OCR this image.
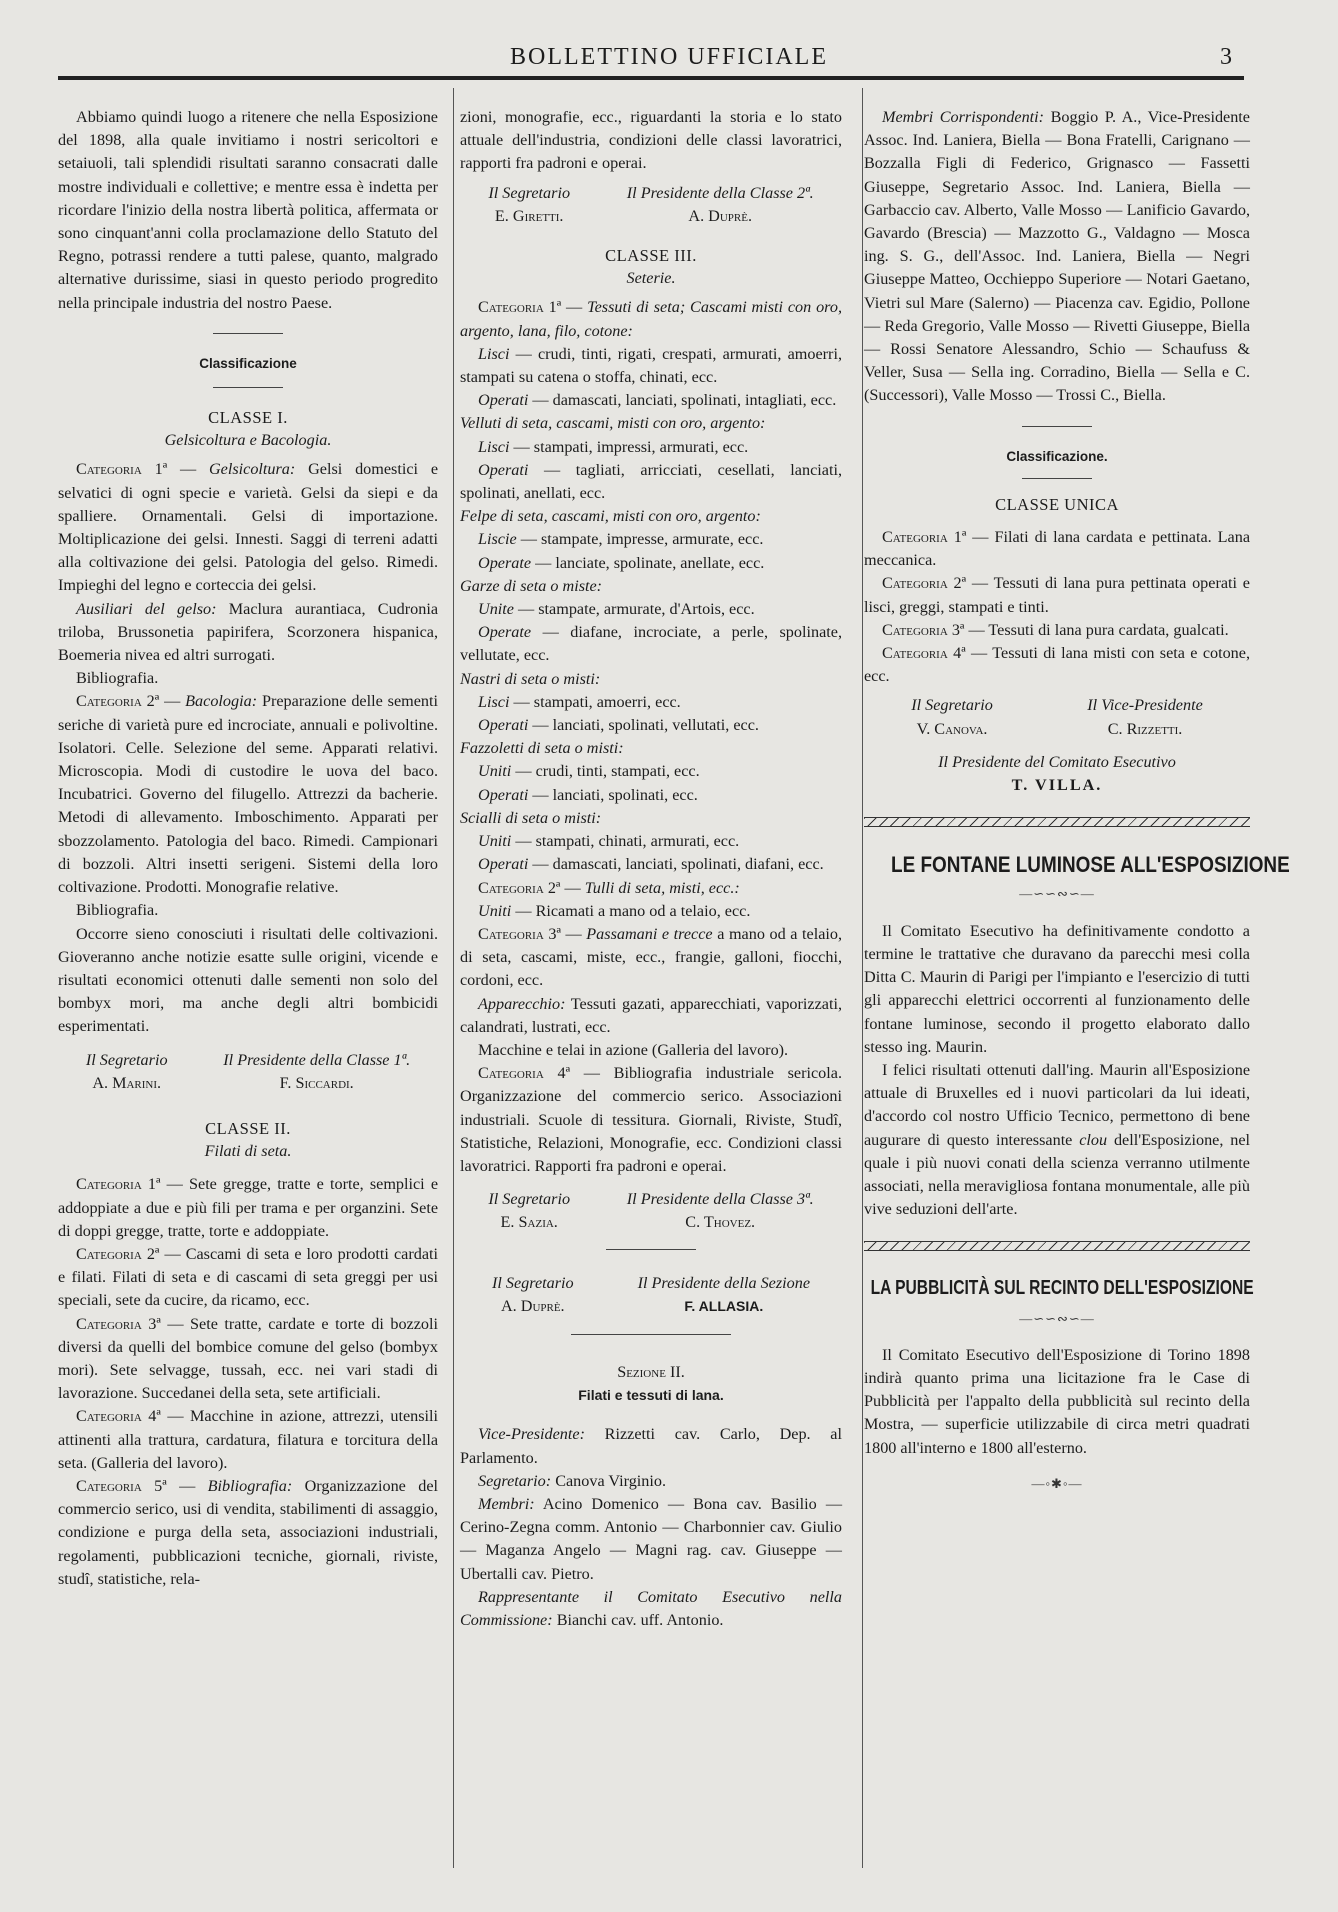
BOLLETTINO UFFICIALE	3

Abbiamo quindi luogo a ritenere che nella Esposizione del 1898, alla quale invitiamo i nostri sericoltori e setaiuoli, tali splendidi risultati saranno consacrati dalle mostre individuali e collettive; e mentre essa è indetta per ricordare l'inizio della nostra libertà politica, affermata or sono cinquant'anni colla proclamazione dello Statuto del Regno, potrassi rendere a tutti palese, quanto, malgrado alternative durissime, siasi in questo periodo progredito nella principale industria del nostro Paese.

Classificazione
CLASSE I.
Gelsicoltura e Bacologia.

Categoria 1ª — Gelsicoltura: Gelsi domestici e selvatici di ogni specie e varietà. Gelsi da siepi e da spalliere. Ornamentali. Gelsi di importazione. Moltiplicazione dei gelsi. Innesti. Saggi di terreni adatti alla coltivazione dei gelsi. Patologia del gelso. Rimedi. Impieghi del legno e corteccia dei gelsi.

Ausiliari del gelso: Maclura aurantiaca, Cudronia triloba, Brussonetia papirifera, Scorzonera hispanica, Boemeria nivea ed altri surrogati.

Bibliografia.

Categoria 2ª — Bacologia: Preparazione delle sementi seriche di varietà pure ed incrociate, annuali e polivoltine. Isolatori. Celle. Selezione del seme. Apparati relativi. Microscopia. Modi di custodire le uova del baco. Incubatrici. Governo del filugello. Attrezzi da bacherie. Metodi di allevamento. Imboschimento. Apparati per sbozzolamento. Patologia del baco. Rimedi. Campionari di bozzoli. Altri insetti serigeni. Sistemi della loro coltivazione. Prodotti. Monografie relative.

Bibliografia.

Occorre sieno conosciuti i risultati delle coltivazioni. Gioveranno anche notizie esatte sulle origini, vicende e risultati economici ottenuti dalle sementi non solo del bombyx mori, ma anche degli altri bombicidi esperimentati.

Il Segretario
A. Marini.
Il Presidente della Classe 1ª.
F. Siccardi.
CLASSE II.
Filati di seta.

Categoria 1ª — Sete gregge, tratte e torte, semplici e addoppiate a due e più fili per trama e per organzini. Sete di doppi gregge, tratte, torte e addoppiate.

Categoria 2ª — Cascami di seta e loro prodotti cardati e filati. Filati di seta e di cascami di seta greggi per usi speciali, sete da cucire, da ricamo, ecc.

Categoria 3ª — Sete tratte, cardate e torte di bozzoli diversi da quelli del bombice comune del gelso (bombyx mori). Sete selvagge, tussah, ecc. nei vari stadi di lavorazione. Succedanei della seta, sete artificiali.

Categoria 4ª — Macchine in azione, attrezzi, utensili attinenti alla trattura, cardatura, filatura e torcitura della seta. (Galleria del lavoro).

Categoria 5ª — Bibliografia: Organizzazione del commercio serico, usi di vendita, stabilimenti di assaggio, condizione e purga della seta, associazioni industriali, regolamenti, pubblicazioni tecniche, giornali, riviste, studî, statistiche, rela-

zioni, monografie, ecc., riguardanti la storia e lo stato attuale dell'industria, condizioni delle classi lavoratrici, rapporti fra padroni e operai.

Il Segretario
E. Giretti.
Il Presidente della Classe 2ª.
A. Duprè.
CLASSE III.
Seterie.

Categoria 1ª — Tessuti di seta; Cascami misti con oro, argento, lana, filo, cotone:

Lisci — crudi, tinti, rigati, crespati, armurati, amoerri, stampati su catena o stoffa, chinati, ecc.

Operati — damascati, lanciati, spolinati, intagliati, ecc.

Velluti di seta, cascami, misti con oro, argento:

Lisci — stampati, impressi, armurati, ecc.

Operati — tagliati, arricciati, cesellati, lanciati, spolinati, anellati, ecc.

Felpe di seta, cascami, misti con oro, argento:

Liscie — stampate, impresse, armurate, ecc.

Operate — lanciate, spolinate, anellate, ecc.

Garze di seta o miste:

Unite — stampate, armurate, d'Artois, ecc.

Operate — diafane, incrociate, a perle, spolinate, vellutate, ecc.

Nastri di seta o misti:

Lisci — stampati, amoerri, ecc.

Operati — lanciati, spolinati, vellutati, ecc.

Fazzoletti di seta o misti:

Uniti — crudi, tinti, stampati, ecc.

Operati — lanciati, spolinati, ecc.

Scialli di seta o misti:

Uniti — stampati, chinati, armurati, ecc.

Operati — damascati, lanciati, spolinati, diafani, ecc.

Categoria 2ª — Tulli di seta, misti, ecc.:

Uniti — Ricamati a mano od a telaio, ecc.

Categoria 3ª — Passamani e trecce a mano od a telaio, di seta, cascami, miste, ecc., frangie, galloni, fiocchi, cordoni, ecc.

Apparecchio: Tessuti gazati, apparecchiati, vaporizzati, calandrati, lustrati, ecc.

Macchine e telai in azione (Galleria del lavoro).

Categoria 4ª — Bibliografia industriale sericola. Organizzazione del commercio serico. Associazioni industriali. Scuole di tessitura. Giornali, Riviste, Studî, Statistiche, Relazioni, Monografie, ecc. Condizioni classi lavoratrici. Rapporti fra padroni e operai.

Il Segretario
E. Sazia.
Il Presidente della Classe 3ª.
C. Thovez.
Il Segretario
A. Duprè.
Il Presidente della Sezione
F. ALLASIA.
Sezione II.
Filati e tessuti di lana.

Vice-Presidente: Rizzetti cav. Carlo, Dep. al Parlamento.

Segretario: Canova Virginio.

Membri: Acino Domenico — Bona cav. Basilio — Cerino-Zegna comm. Antonio — Charbonnier cav. Giulio — Maganza Angelo — Magni rag. cav. Giuseppe — Ubertalli cav. Pietro.

Rappresentante il Comitato Esecutivo nella Commissione: Bianchi cav. uff. Antonio.

Membri Corrispondenti: Boggio P. A., Vice-Presidente Assoc. Ind. Laniera, Biella — Bona Fratelli, Carignano — Bozzalla Figli di Federico, Grignasco — Fassetti Giuseppe, Segretario Assoc. Ind. Laniera, Biella — Garbaccio cav. Alberto, Valle Mosso — Lanificio Gavardo, Gavardo (Brescia) — Mazzotto G., Valdagno — Mosca ing. S. G., dell'Assoc. Ind. Laniera, Biella — Negri Giuseppe Matteo, Occhieppo Superiore — Notari Gaetano, Vietri sul Mare (Salerno) — Piacenza cav. Egidio, Pollone — Reda Gregorio, Valle Mosso — Rivetti Giuseppe, Biella — Rossi Senatore Alessandro, Schio — Schaufuss & Veller, Susa — Sella ing. Corradino, Biella — Sella e C. (Successori), Valle Mosso — Trossi C., Biella.

Classificazione.
CLASSE UNICA

Categoria 1ª — Filati di lana cardata e pettinata. Lana meccanica.

Categoria 2ª — Tessuti di lana pura pettinata operati e lisci, greggi, stampati e tinti.

Categoria 3ª — Tessuti di lana pura cardata, gualcati.

Categoria 4ª — Tessuti di lana misti con seta e cotone, ecc.

Il Segretario
V. Canova.
Il Vice-Presidente
C. Rizzetti.
Il Presidente del Comitato Esecutivo
T. VILLA.
LE FONTANE LUMINOSE ALL'ESPOSIZIONE
—∽∽∾∽—

Il Comitato Esecutivo ha definitivamente condotto a termine le trattative che duravano da parecchi mesi colla Ditta C. Maurin di Parigi per l'impianto e l'esercizio di tutti gli apparecchi elettrici occorrenti al funzionamento delle fontane luminose, secondo il progetto elaborato dallo stesso ing. Maurin.

I felici risultati ottenuti dall'ing. Maurin all'Esposizione attuale di Bruxelles ed i nuovi particolari da lui ideati, d'accordo col nostro Ufficio Tecnico, permettono di bene augurare di questo interessante clou dell'Esposizione, nel quale i più nuovi conati della scienza verranno utilmente associati, nella meravigliosa fontana monumentale, alle più vive seduzioni dell'arte.

LA PUBBLICITÀ SUL RECINTO DELL'ESPOSIZIONE
—∽∽∾∽—

Il Comitato Esecutivo dell'Esposizione di Torino 1898 indirà quanto prima una licitazione fra le Case di Pubblicità per l'appalto della pubblicità sul recinto della Mostra, — superficie utilizzabile di circa metri quadrati 1800 all'interno e 1800 all'esterno.

—◦✱◦—
